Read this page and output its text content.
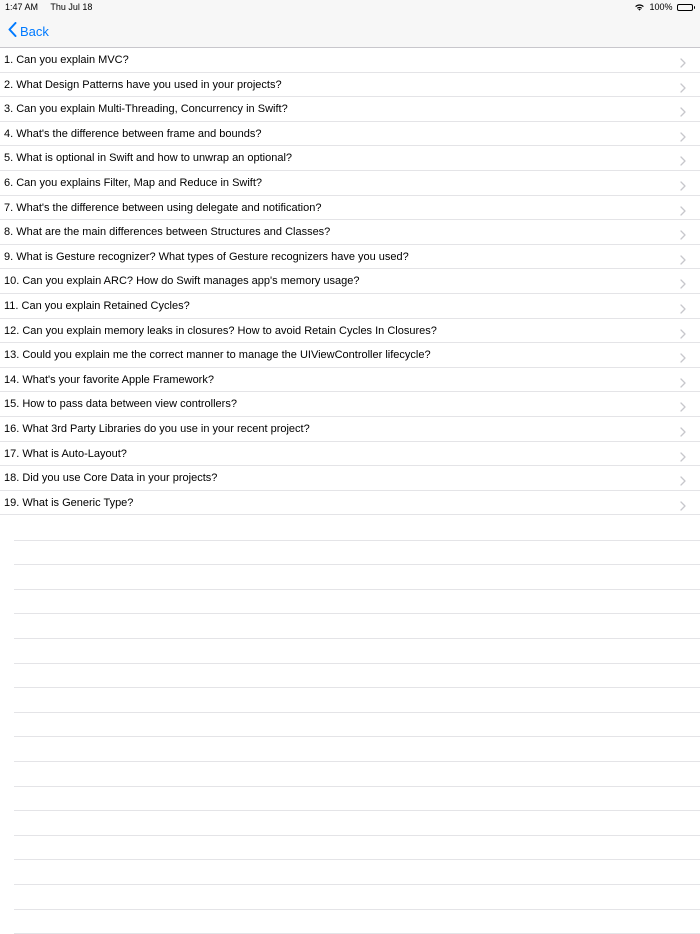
1:47 AM Thu Jul 18	100%
Back
1. Can you explain MVC?
2. What Design Patterns have you used in your projects?
3. Can you explain Multi-Threading, Concurrency in Swift?
4. What's the difference between frame and bounds?
5. What is optional in Swift and how to unwrap an optional?
6. Can you explains Filter, Map and Reduce in Swift?
7. What's the difference between using delegate and notification?
8. What are the main differences between Structures and Classes?
9. What is Gesture recognizer? What types of Gesture recognizers have you used?
10. Can you explain ARC? How do Swift manages app's memory usage?
11. Can you explain Retained Cycles?
12. Can you explain memory leaks in closures? How to avoid Retain Cycles In Closures?
13. Could you explain me the correct manner to manage the UIViewController lifecycle?
14. What's your favorite Apple Framework?
15. How to pass data between view controllers?
16. What 3rd Party Libraries do you use in your recent project?
17. What is Auto-Layout?
18. Did you use Core Data in your projects?
19. What is Generic Type?
